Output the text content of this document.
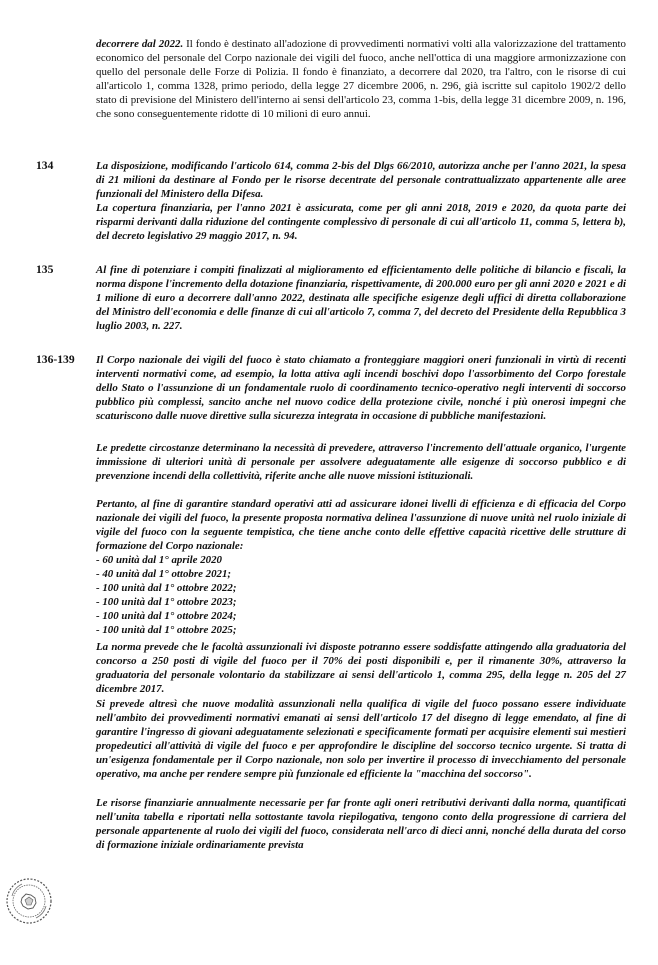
decorrere dal 2022. Il fondo è destinato all'adozione di provvedimenti normativi volti alla valorizzazione del trattamento economico del personale del Corpo nazionale dei vigili del fuoco, anche nell'ottica di una maggiore armonizzazione con quello del personale delle Forze di Polizia. Il fondo è finanziato, a decorrere dal 2020, tra l'altro, con le risorse di cui all'articolo 1, comma 1328, primo periodo, della legge 27 dicembre 2006, n. 296, già iscritte sul capitolo 1902/2 dello stato di previsione del Ministero dell'interno ai sensi dell'articolo 23, comma 1-bis, della legge 31 dicembre 2009, n. 196, che sono conseguentemente ridotte di 10 milioni di euro annui.

134	La disposizione, modificando l'articolo 614, comma 2-bis del Dlgs 66/2010, autorizza anche per l'anno 2021, la spesa di 21 milioni da destinare al Fondo per le risorse decentrate del personale contrattualizzato appartenente alle aree funzionali del Ministero della Difesa.

La copertura finanziaria, per l'anno 2021 è assicurata, come per gli anni 2018, 2019 e 2020, da quota parte dei risparmi derivanti dalla riduzione del contingente complessivo di personale di cui all'articolo 11, comma 5, lettera b), del decreto legislativo 29 maggio 2017, n. 94.

135	Al fine di potenziare i compiti finalizzati al miglioramento ed efficientamento delle politiche di bilancio e fiscali, la norma dispone l'incremento della dotazione finanziaria, rispettivamente, di 200.000 euro per gli anni 2020 e 2021 e di 1 milione di euro a decorrere dall'anno 2022, destinata alle specifiche esigenze degli uffici di diretta collaborazione del Ministro dell'economia e delle finanze di cui all'articolo 7, comma 7, del decreto del Presidente della Repubblica 3 luglio 2003, n. 227.

136-139 Il Corpo nazionale dei vigili del fuoco è stato chiamato a fronteggiare maggiori oneri funzionali in virtù di recenti interventi normativi come, ad esempio, la lotta attiva agli incendi boschivi dopo l'assorbimento del Corpo forestale dello Stato o l'assunzione di un fondamentale ruolo di coordinamento tecnico-operativo negli interventi di soccorso pubblico più complessi, sancito anche nel nuovo codice della protezione civile, nonché i più onerosi impegni che scaturiscono dalle nuove direttive sulla sicurezza integrata in occasione di pubbliche manifestazioni.

Le predette circostanze determinano la necessità di prevedere, attraverso l'incremento dell'attuale organico, l'urgente immissione di ulteriori unità di personale per assolvere adeguatamente alle esigenze di soccorso pubblico e di prevenzione incendi della collettività, riferite anche alle nuove missioni istituzionali.

Pertanto, al fine di garantire standard operativi atti ad assicurare idonei livelli di efficienza e di efficacia del Corpo nazionale dei vigili del fuoco, la presente proposta normativa delinea l'assunzione di nuove unità nel ruolo iniziale di vigile del fuoco con la seguente tempistica, che tiene anche conto delle effettive capacità ricettive delle strutture di formazione del Corpo nazionale:

- 60 unità dal 1° aprile 2020
- 40 unità dal 1° ottobre 2021;
- 100 unità dal 1° ottobre 2022;
- 100 unità dal 1° ottobre 2023;
- 100 unità dal 1° ottobre 2024;
- 100 unità dal 1° ottobre 2025;

La norma prevede che le facoltà assunzionali ivi disposte potranno essere soddisfatte attingendo alla graduatoria del concorso a 250 posti di vigile del fuoco per il 70% dei posti disponibili e, per il rimanente 30%, attraverso la graduatoria del personale volontario da stabilizzare ai sensi dell'articolo 1, comma 295, della legge n. 205 del 27 dicembre 2017.

Si prevede altresì che nuove modalità assunzionali nella qualifica di vigile del fuoco possano essere individuate nell'ambito dei provvedimenti normativi emanati ai sensi dell'articolo 17 del disegno di legge emendato, al fine di garantire l'ingresso di giovani adeguatamente selezionati e specificamente formati per acquisire elementi sui mestieri propedeutici all'attività di vigile del fuoco e per approfondire le discipline del soccorso tecnico urgente. Si tratta di un'esigenza fondamentale per il Corpo nazionale, non solo per invertire il processo di invecchiamento del personale operativo, ma anche per rendere sempre più funzionale ed efficiente la "macchina del soccorso".

Le risorse finanziarie annualmente necessarie per far fronte agli oneri retributivi derivanti dalla norma, quantificati nell'unita tabella e riportati nella sottostante tavola riepilogativa, tengono conto della progressione di carriera del personale appartenente al ruolo dei vigili del fuoco, considerata nell'arco di dieci anni, nonché della durata del corso di formazione iniziale ordinariamente prevista
